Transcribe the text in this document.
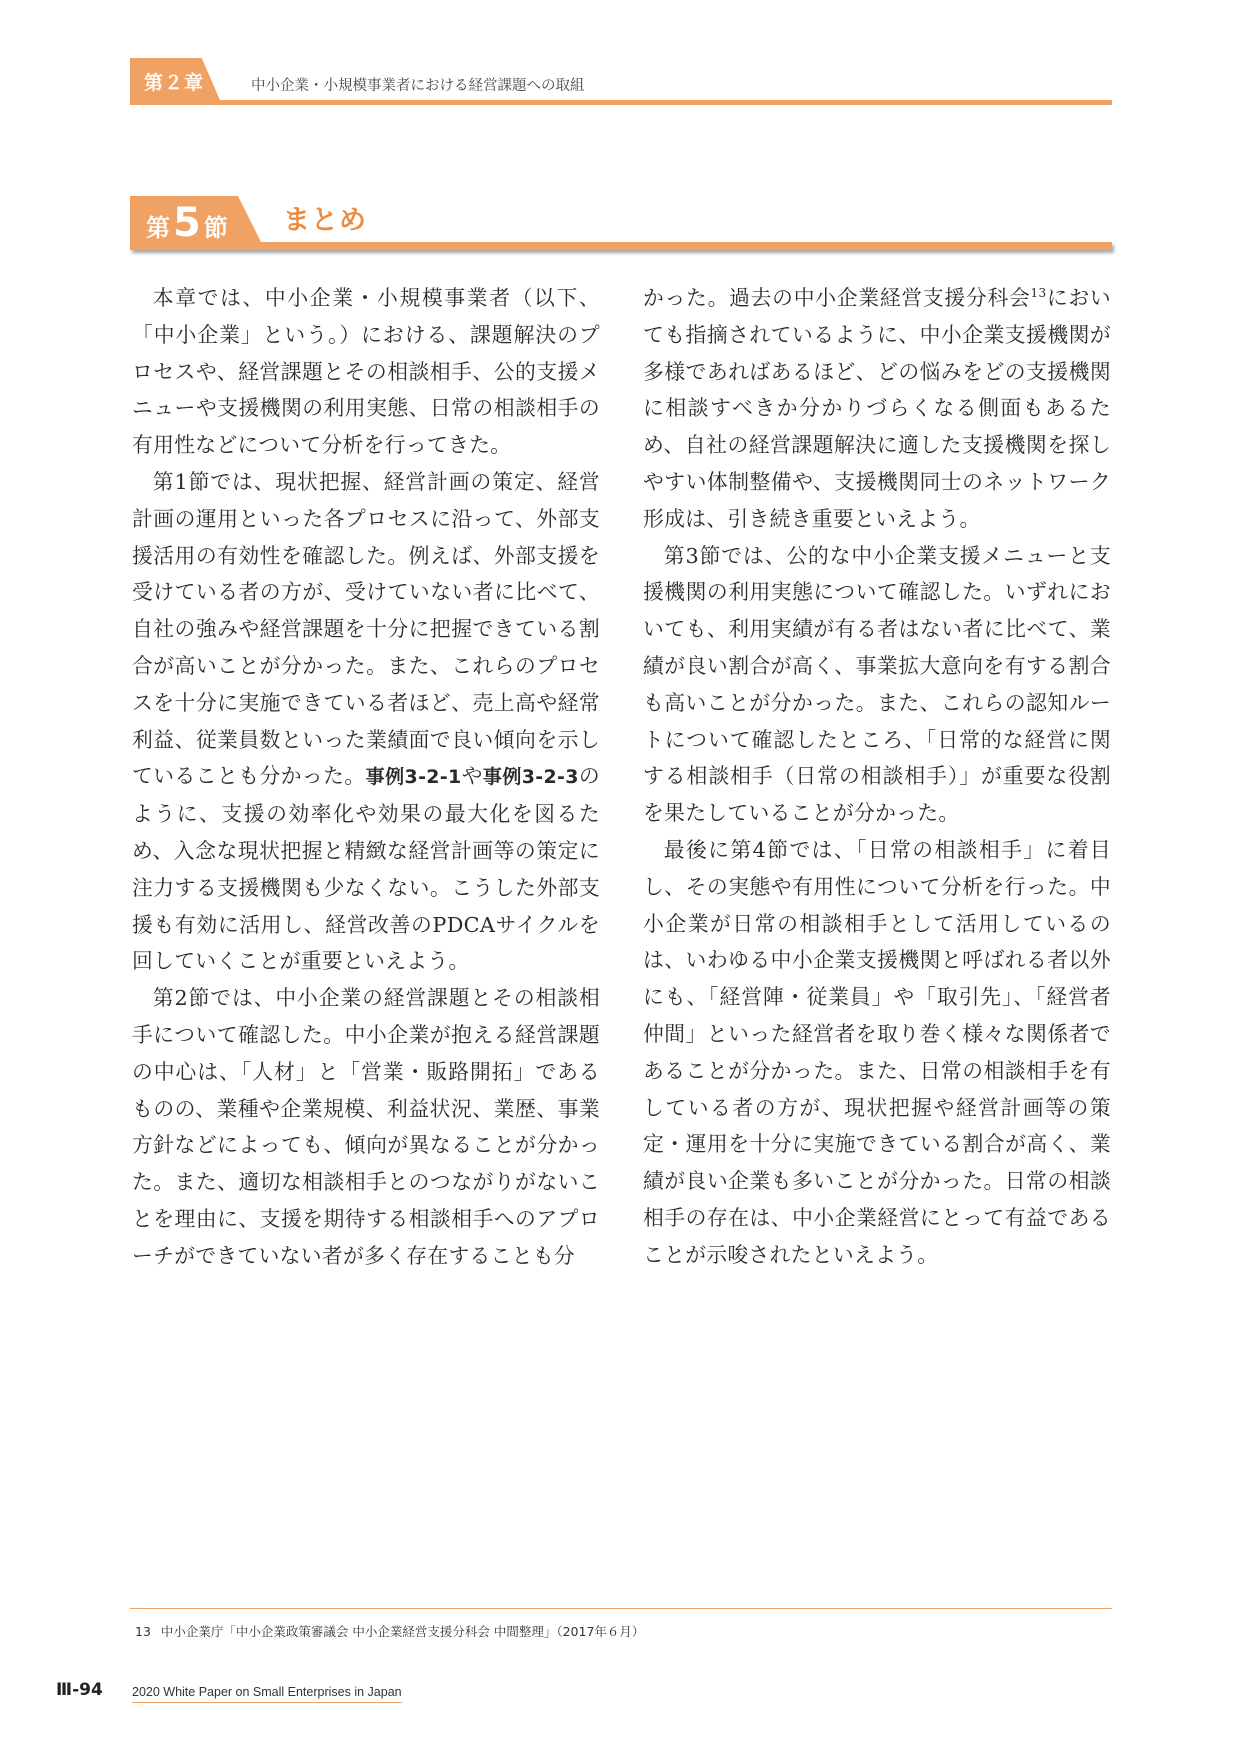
第２章	中小企業・小規模事業者における経営課題への取組
第5 節 まとめ

本章では、中小企業・小規模事業者（以下、「中小企業」という。）における、課題解決のプロセスや、経営課題とその相談相手、公的支援メニューや支援機関の利用実態、日常の相談相手の有用性などについて分析を行ってきた。

第1節では、現状把握、経営計画の策定、経営計画の運用といった各プロセスに沿って、外部支援活用の有効性を確認した。例えば、外部支援を受けている者の方が、受けていない者に比べて、自社の強みや経営課題を十分に把握できている割合が高いことが分かった。また、これらのプロセスを十分に実施できている者ほど、売上高や経常利益、従業員数といった業績面で良い傾向を示していることも分かった。事例3-2-1や事例3-2-3のように、支援の効率化や効果の最大化を図るため、入念な現状把握と精緻な経営計画等の策定に注力する支援機関も少なくない。こうした外部支援も有効に活用し、経営改善のPDCAサイクルを回していくことが重要といえよう。

第2節では、中小企業の経営課題とその相談相手について確認した。中小企業が抱える経営課題の中心は、「人材」と「営業・販路開拓」であるものの、業種や企業規模、利益状況、業歴、事業方針などによっても、傾向が異なることが分かった。また、適切な相談相手とのつながりがないことを理由に、支援を期待する相談相手へのアプローチができていない者が多く存在することも分

かった。過去の中小企業経営支援分科会$^{13}$においても指摘されているように、中小企業支援機関が多様であればあるほど、どの悩みをどの支援機関に相談すべきか分かりづらくなる側面もあるため、自社の経営課題解決に適した支援機関を探しやすい体制整備や、支援機関同士のネットワーク形成は、引き続き重要といえよう。

第3節では、公的な中小企業支援メニューと支援機関の利用実態について確認した。いずれにおいても、利用実績が有る者はない者に比べて、業績が良い割合が高く、事業拡大意向を有する割合も高いことが分かった。また、これらの認知ルートについて確認したところ、「日常的な経営に関する相談相手（日常の相談相手）」が重要な役割を果たしていることが分かった。

最後に第4節では、「日常の相談相手」に着目し、その実態や有用性について分析を行った。中小企業が日常の相談相手として活用しているのは、いわゆる中小企業支援機関と呼ばれる者以外にも、「経営陣・従業員」や「取引先」、「経営者仲間」といった経営者を取り巻く様々な関係者であることが分かった。また、日常の相談相手を有している者の方が、現状把握や経営計画等の策定・運用を十分に実施できている割合が高く、業績が良い企業も多いことが分かった。日常の相談相手の存在は、中小企業経営にとって有益であることが示唆されたといえよう。

13 中小企業庁「中小企業政策審議会 中小企業経営支援分科会 中間整理」（2017年６月）
Ⅲ-94 2020 White Paper on Small Enterprises in Japan
